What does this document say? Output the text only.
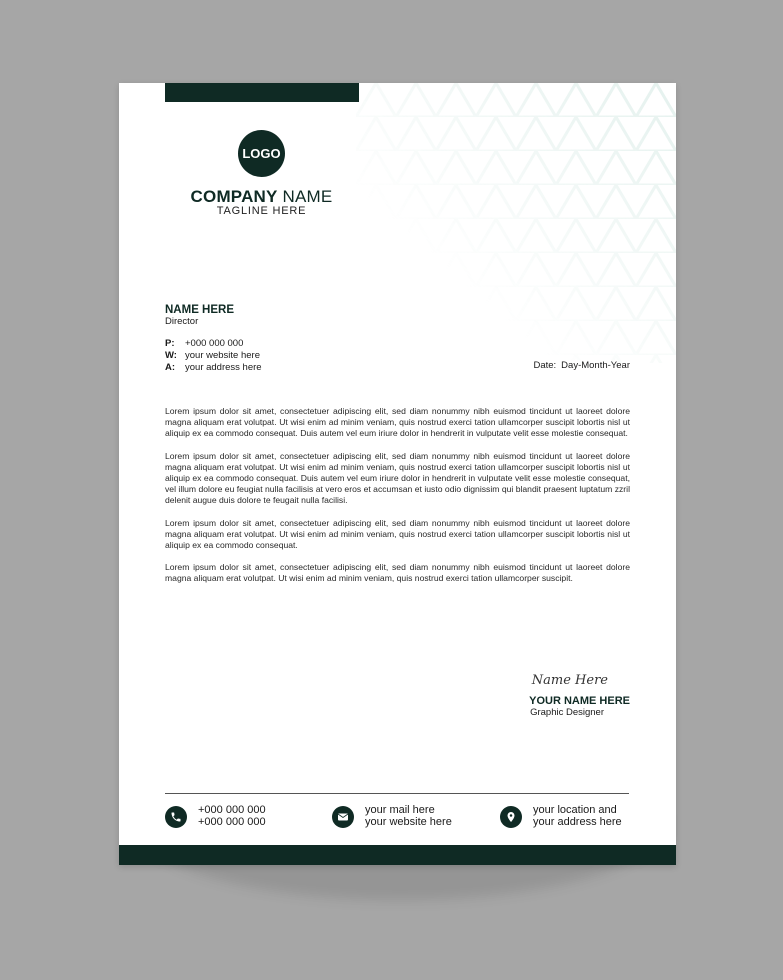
LOGO
COMPANY NAME
TAGLINE HERE
NAME HERE
Director
P:	+000 000 000
W: your website here
A:	your address here	Date: Day-Month-Year

Lorem ipsum dolor sit amet, consectetuer adipiscing elit, sed diam nonummy nibh euismod tincidunt ut laoreet dolore magna aliquam erat volutpat. Ut wisi enim ad minim veniam, quis nostrud exerci tation ullamcorper suscipit lobortis nisl ut aliquip ex ea commodo consequat. Duis autem vel eum iriure dolor in hendrerit in vulputate velit esse molestie consequat.

Lorem ipsum dolor sit amet, consectetuer adipiscing elit, sed diam nonummy nibh euismod tincidunt ut laoreet dolore magna aliquam erat volutpat. Ut wisi enim ad minim veniam, quis nostrud exerci tation ullamcorper suscipit lobortis nisl ut aliquip ex ea commodo consequat. Duis autem vel eum iriure dolor in hendrerit in vulputate velit esse molestie consequat, vel illum dolore eu feugiat nulla facilisis at vero eros et accumsan et iusto odio dignissim qui blandit praesent luptatum zzril delenit augue duis dolore te feugait nulla facilisi.

Lorem ipsum dolor sit amet, consectetuer adipiscing elit, sed diam nonummy nibh euismod tincidunt ut laoreet dolore magna aliquam erat volutpat. Ut wisi enim ad minim veniam, quis nostrud exerci tation ullamcorper suscipit lobortis nisl ut aliquip ex ea commodo consequat.

Lorem ipsum dolor sit amet, consectetuer adipiscing elit, sed diam nonummy nibh euismod tincidunt ut laoreet dolore magna aliquam erat volutpat. Ut wisi enim ad minim veniam, quis nostrud exerci tation ullamcorper suscipit.

Name Here
YOUR NAME HERE
Graphic Designer
+000 000 000
+000 000 000
your mail here
your website here
your location and
your address here
